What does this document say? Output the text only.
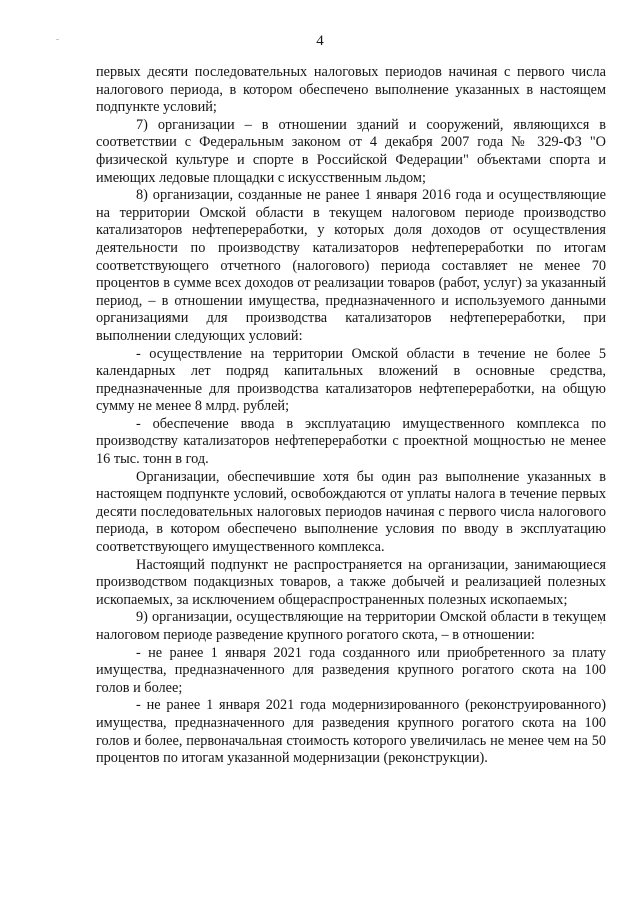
4

первых десяти последовательных налоговых периодов начиная с первого числа налогового периода, в котором обеспечено выполнение указанных в настоящем подпункте условий;

7) организации – в отношении зданий и сооружений, являющихся в соответствии с Федеральным законом от 4 декабря 2007 года № 329-ФЗ "О физической культуре и спорте в Российской Федерации" объектами спорта и имеющих ледовые площадки с искусственным льдом;

8) организации, созданные не ранее 1 января 2016 года и осуществляющие на территории Омской области в текущем налоговом периоде производство катализаторов нефтепереработки, у которых доля доходов от осуществления деятельности по производству катализаторов нефтепереработки по итогам соответствующего отчетного (налогового) периода составляет не менее 70 процентов в сумме всех доходов от реализации товаров (работ, услуг) за указанный период, – в отношении имущества, предназначенного и используемого данными организациями для производства катализаторов нефтепереработки, при выполнении следующих условий:

- осуществление на территории Омской области в течение не более 5 календарных лет подряд капитальных вложений в основные средства, предназначенные для производства катализаторов нефтепереработки, на общую сумму не менее 8 млрд. рублей;

- обеспечение ввода в эксплуатацию имущественного комплекса по производству катализаторов нефтепереработки с проектной мощностью не менее 16 тыс. тонн в год.

Организации, обеспечившие хотя бы один раз выполнение указанных в настоящем подпункте условий, освобождаются от уплаты налога в течение первых десяти последовательных налоговых периодов начиная с первого числа налогового периода, в котором обеспечено выполнение условия по вводу в эксплуатацию соответствующего имущественного комплекса.

Настоящий подпункт не распространяется на организации, занимающиеся производством подакцизных товаров, а также добычей и реализацией полезных ископаемых, за исключением общераспространенных полезных ископаемых;

9) организации, осуществляющие на территории Омской области в текущем налоговом периоде разведение крупного рогатого скота, – в отношении:

- не ранее 1 января 2021 года созданного или приобретенного за плату имущества, предназначенного для разведения крупного рогатого скота на 100 голов и более;

- не ранее 1 января 2021 года модернизированного (реконструированного) имущества, предназначенного для разведения крупного рогатого скота на 100 голов и более, первоначальная стоимость которого увеличилась не менее чем на 50 процентов по итогам указанной модернизации (реконструкции).
